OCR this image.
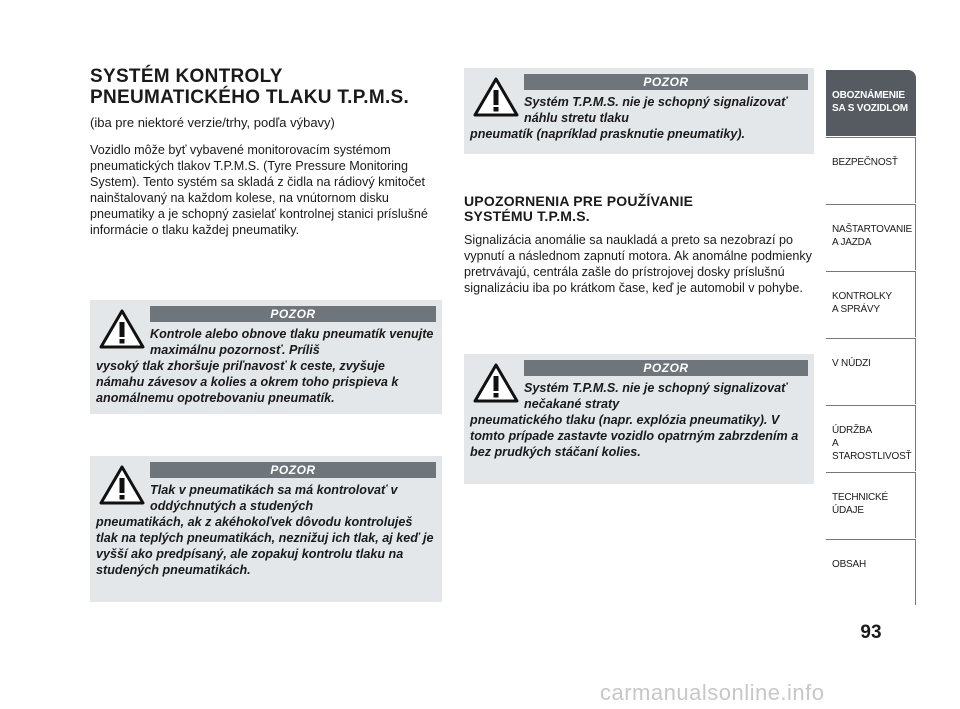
SYSTÉM KONTROLY
PNEUMATICKÉHO TLAKU T.P.M.S.

(iba pre niektoré verzie/trhy, podľa výbavy)

Vozidlo môže byť vybavené monitorovacím systémom pneumatických tlakov T.P.M.S. (Tyre Pressure Monitoring System). Tento systém sa skladá z čidla na rádiový kmitočet nainštalovaný na každom kolese, na vnútornom disku pneumatiky a je schopný zasielať kontrolnej stanici príslušné informácie o tlaku každej pneumatiky.

POZOR
Kontrole alebo obnove tlaku pneumatík venujte maximálnu pozornosť. Príliš
vysoký tlak zhoršuje priľnavosť k ceste, zvyšuje námahu závesov a kolies a okrem toho prispieva k anomálnemu opotrebovaniu pneumatík.
POZOR
Tlak v pneumatikách sa má kontrolovať v oddýchnutých a studených
pneumatikách, ak z akéhokoľvek dôvodu kontroluješ tlak na teplých pneumatikách, neznižuj ich tlak, aj keď je vyšší ako predpísaný, ale zopakuj kontrolu tlaku na studených pneumatikách.
POZOR
Systém T.P.M.S. nie je schopný signalizovať náhlu stretu tlaku
pneumatík (napríklad prasknutie pneumatiky).

UPOZORNENIA PRE POUŽÍVANIE
SYSTÉMU T.P.M.S.

Signalizácia anomálie sa naukladá a preto sa nezobrazí po vypnutí a následnom zapnutí motora. Ak anomálne podmienky pretrvávajú, centrála zašle do prístrojovej dosky príslušnú signalizáciu iba po krátkom čase, keď je automobil v pohybe.

POZOR
Systém T.P.M.S. nie je schopný signalizovať nečakané straty
pneumatického tlaku (napr. explózia pneumatiky). V tomto prípade zastavte vozidlo opatrným zabrzdením a bez prudkých stáčaní kolies.
OBOZNÁMENIE
SA S VOZIDLOM
BEZPEČNOSŤ
NAŠTARTOVANIE
A JAZDA
KONTROLKY
A SPRÁVY
V NÚDZI
ÚDRŽBA
A STAROSTLIVOSŤ
TECHNICKÉ
ÚDAJE
OBSAH
93
carmanualsonline.info
